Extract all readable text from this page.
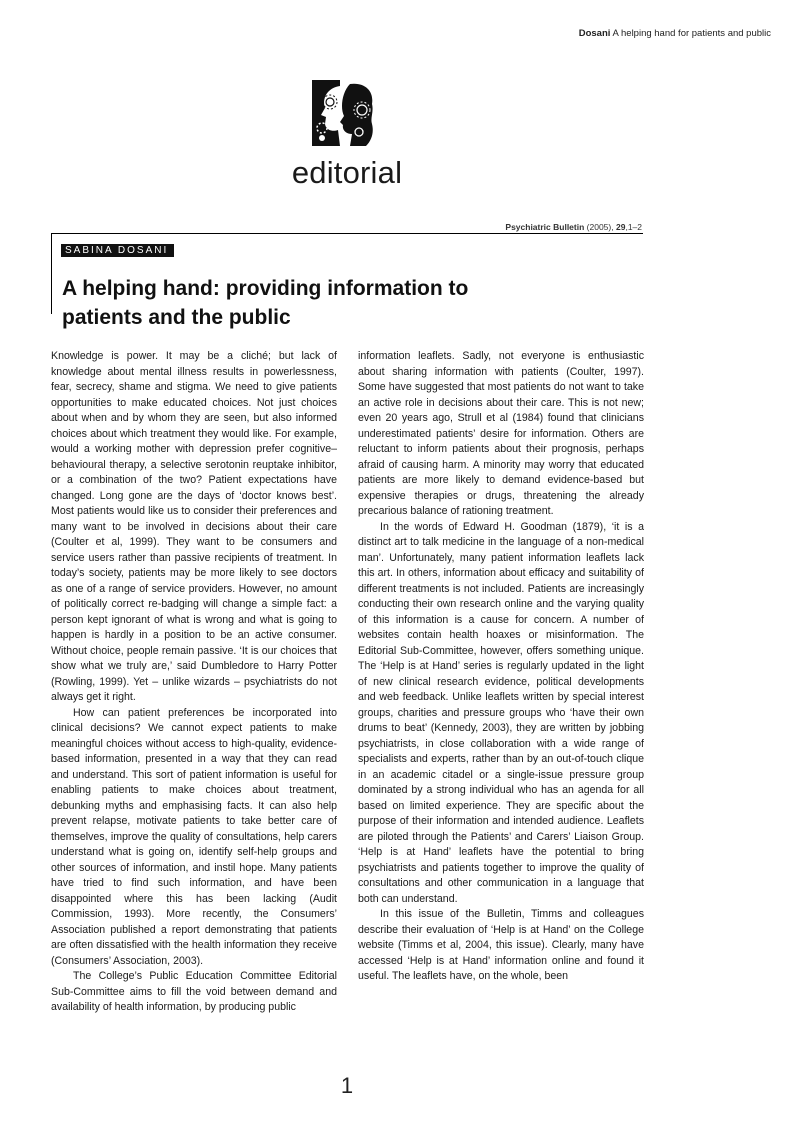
Dosani A helping hand for patients and public
editorial
Psychiatric Bulletin (2005), 29,1–2
SABINA DOSANI
A helping hand: providing information to patients and the public

Knowledge is power. It may be a cliché; but lack of knowledge about mental illness results in powerlessness, fear, secrecy, shame and stigma. We need to give patients opportunities to make educated choices. Not just choices about when and by whom they are seen, but also informed choices about which treatment they would like. For example, would a working mother with depression prefer cognitive–behavioural therapy, a selective serotonin reuptake inhibitor, or a combination of the two? Patient expectations have changed. Long gone are the days of ‘doctor knows best’. Most patients would like us to consider their preferences and many want to be involved in decisions about their care (Coulter et al, 1999). They want to be consumers and service users rather than passive recipients of treatment. In today’s society, patients may be more likely to see doctors as one of a range of service providers. However, no amount of politically correct re-badging will change a simple fact: a person kept ignorant of what is wrong and what is going to happen is hardly in a position to be an active consumer. Without choice, people remain passive. ‘It is our choices that show what we truly are,’ said Dumbledore to Harry Potter (Rowling, 1999). Yet – unlike wizards – psychiatrists do not always get it right.

How can patient preferences be incorporated into clinical decisions? We cannot expect patients to make meaningful choices without access to high-quality, evidence-based information, presented in a way that they can read and understand. This sort of patient information is useful for enabling patients to make choices about treatment, debunking myths and emphasising facts. It can also help prevent relapse, motivate patients to take better care of themselves, improve the quality of consultations, help carers understand what is going on, identify self-help groups and other sources of information, and instil hope. Many patients have tried to find such information, and have been disappointed where this has been lacking (Audit Commission, 1993). More recently, the Consumers’ Association published a report demonstrating that patients are often dissatisfied with the health information they receive (Consumers’ Association, 2003).

The College’s Public Education Committee Editorial Sub-Committee aims to fill the void between demand and availability of health information, by producing public

information leaflets. Sadly, not everyone is enthusiastic about sharing information with patients (Coulter, 1997). Some have suggested that most patients do not want to take an active role in decisions about their care. This is not new; even 20 years ago, Strull et al (1984) found that clinicians underestimated patients’ desire for information. Others are reluctant to inform patients about their prognosis, perhaps afraid of causing harm. A minority may worry that educated patients are more likely to demand evidence-based but expensive therapies or drugs, threatening the already precarious balance of rationing treatment.

In the words of Edward H. Goodman (1879), ‘it is a distinct art to talk medicine in the language of a non-medical man’. Unfortunately, many patient information leaflets lack this art. In others, information about efficacy and suitability of different treatments is not included. Patients are increasingly conducting their own research online and the varying quality of this information is a cause for concern. A number of websites contain health hoaxes or misinformation. The Editorial Sub-Committee, however, offers something unique. The ‘Help is at Hand’ series is regularly updated in the light of new clinical research evidence, political developments and web feedback. Unlike leaflets written by special interest groups, charities and pressure groups who ‘have their own drums to beat’ (Kennedy, 2003), they are written by jobbing psychiatrists, in close collaboration with a wide range of specialists and experts, rather than by an out-of-touch clique in an academic citadel or a single-issue pressure group dominated by a strong individual who has an agenda for all based on limited experience. They are specific about the purpose of their information and intended audience. Leaflets are piloted through the Patients’ and Carers’ Liaison Group. ‘Help is at Hand’ leaflets have the potential to bring psychiatrists and patients together to improve the quality of consultations and other communication in a language that both can understand.

In this issue of the Bulletin, Timms and colleagues describe their evaluation of ‘Help is at Hand’ on the College website (Timms et al, 2004, this issue). Clearly, many have accessed ‘Help is at Hand’ information online and found it useful. The leaflets have, on the whole, been

1
